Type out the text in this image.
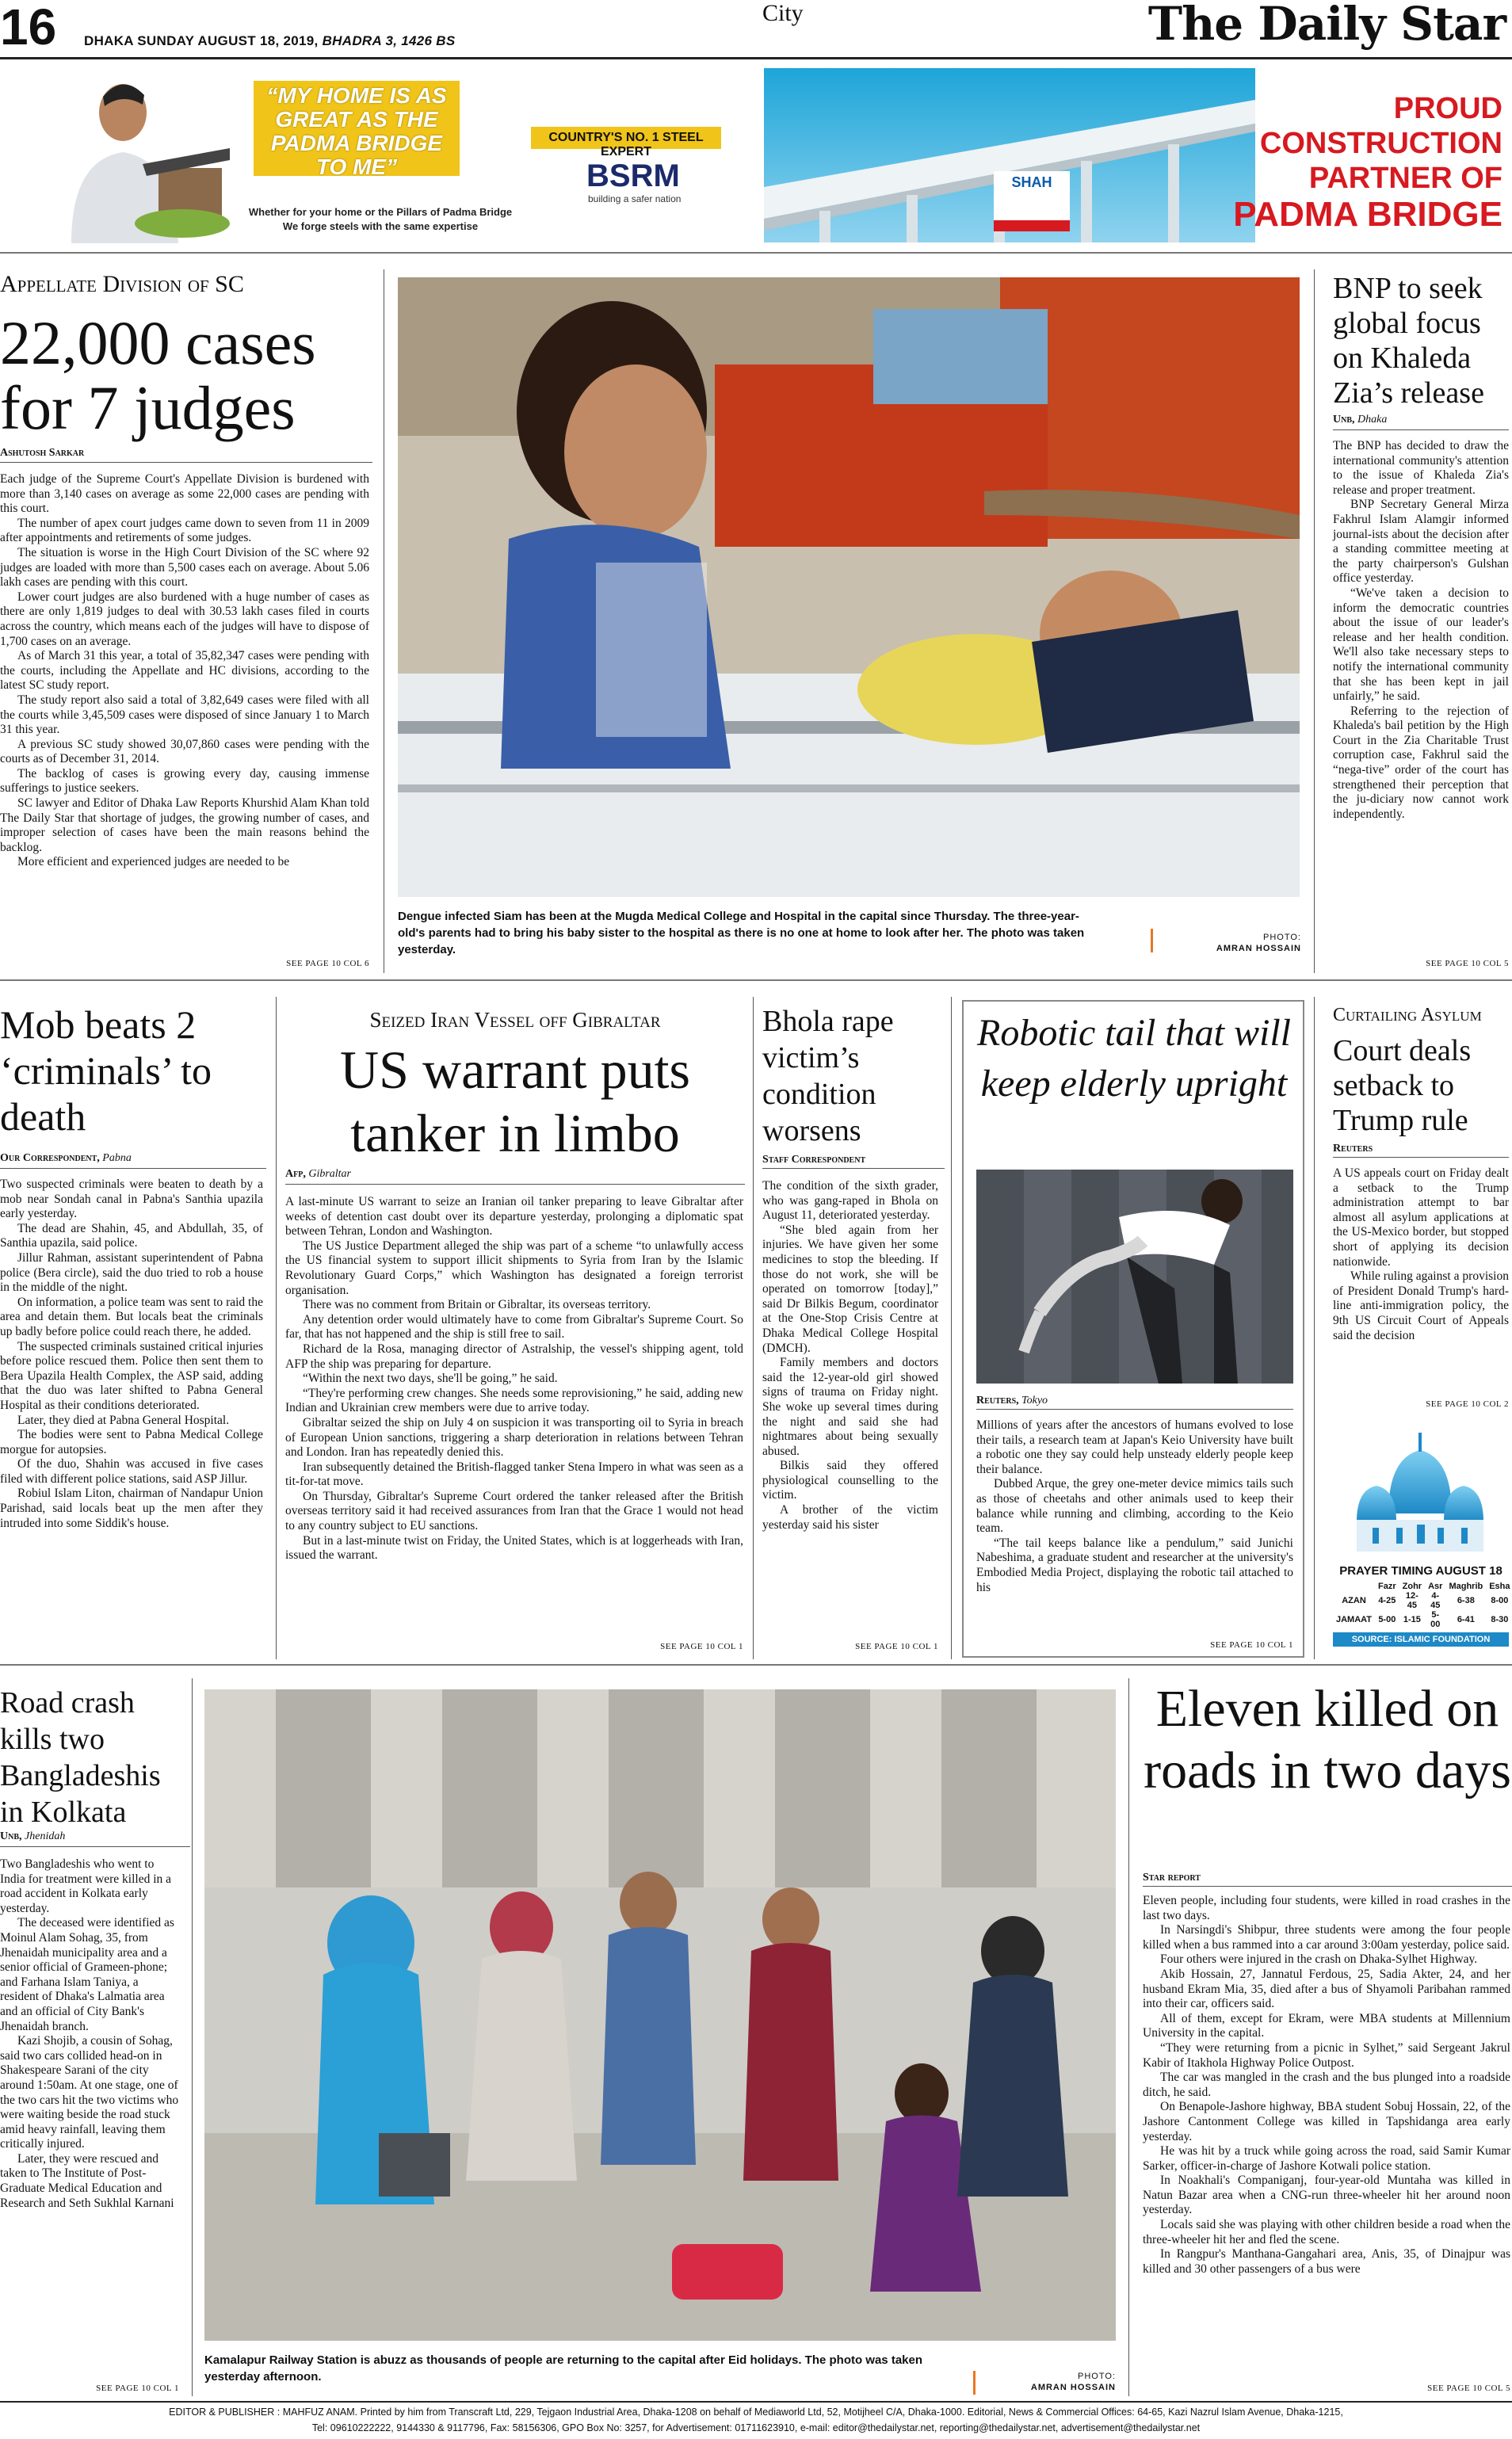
16 DHAKA SUNDAY AUGUST 18, 2019, BHADRA 3, 1426 BS
City	The Daily Star
“MY HOME IS AS GREAT AS THE PADMA BRIDGE TO ME”
COUNTRY'S NO. 1 STEEL EXPERT
BSRM
building a safer nation
Whether for your home or the Pillars of Padma Bridge
We forge steels with the same expertise
SHAH
CEMENT
PROUD
CONSTRUCTION
PARTNER OF
PADMA BRIDGE
Appellate Division of SC
22,000 cases for 7 judges
Ashutosh Sarkar

Each judge of the Supreme Court's Appellate Division is burdened with more than 3,140 cases on average as some 22,000 cases are pending with this court.

The number of apex court judges came down to seven from 11 in 2009 after appointments and retirements of some judges.

The situation is worse in the High Court Division of the SC where 92 judges are loaded with more than 5,500 cases each on average. About 5.06 lakh cases are pending with this court.

Lower court judges are also burdened with a huge number of cases as there are only 1,819 judges to deal with 30.53 lakh cases filed in courts across the country, which means each of the judges will have to dispose of 1,700 cases on an average.

As of March 31 this year, a total of 35,82,347 cases were pending with the courts, including the Appellate and HC divisions, according to the latest SC study report.

The study report also said a total of 3,82,649 cases were filed with all the courts while 3,45,509 cases were disposed of since January 1 to March 31 this year.

A previous SC study showed 30,07,860 cases were pending with the courts as of December 31, 2014.

The backlog of cases is growing every day, causing immense sufferings to justice seekers.

SC lawyer and Editor of Dhaka Law Reports Khurshid Alam Khan told The Daily Star that shortage of judges, the growing number of cases, and improper selection of cases have been the main reasons behind the backlog.

More efficient and experienced judges are needed to be

SEE PAGE 10 COL 6
Dengue infected Siam has been at the Mugda Medical College and Hospital in the capital since Thursday. The three-year-old's parents had to bring his baby sister to the hospital as there is no one at home to look after her. The photo was taken yesterday.
PHOTO:
AMRAN HOSSAIN
BNP to seek global focus on Khaleda Zia’s release
Unb, Dhaka

The BNP has decided to draw the international community's attention to the issue of Khaleda Zia's release and proper treatment.

BNP Secretary General Mirza Fakhrul Islam Alamgir informed journal-ists about the decision after a standing committee meeting at the party chairperson's Gulshan office yesterday.

“We've taken a decision to inform the democratic countries about the issue of our leader's release and her health condition. We'll also take necessary steps to notify the international community that she has been kept in jail unfairly,” he said.

Referring to the rejection of Khaleda's bail petition by the High Court in the Zia Charitable Trust corruption case, Fakhrul said the “nega-tive” order of the court has strengthened their perception that the ju-diciary now cannot work independently.

SEE PAGE 10 COL 5
Mob beats 2 ‘criminals’ to death
Our Correspondent, Pabna

Two suspected criminals were beaten to death by a mob near Sondah canal in Pabna's Santhia upazila early yesterday.

The dead are Shahin, 45, and Abdullah, 35, of Santhia upazila, said police.

Jillur Rahman, assistant superintendent of Pabna police (Bera circle), said the duo tried to rob a house in the middle of the night.

On information, a police team was sent to raid the area and detain them. But locals beat the criminals up badly before police could reach there, he added.

The suspected criminals sustained critical injuries before police rescued them. Police then sent them to Bera Upazila Health Complex, the ASP said, adding that the duo was later shifted to Pabna General Hospital as their conditions deteriorated.

Later, they died at Pabna General Hospital.

The bodies were sent to Pabna Medical College morgue for autopsies.

Of the duo, Shahin was accused in five cases filed with different police stations, said ASP Jillur.

Robiul Islam Liton, chairman of Nandapur Union Parishad, said locals beat up the men after they intruded into some Siddik's house.

Seized Iran Vessel off Gibraltar
US warrant puts tanker in limbo
Afp, Gibraltar

A last-minute US warrant to seize an Iranian oil tanker preparing to leave Gibraltar after weeks of detention cast doubt over its departure yesterday, prolonging a diplomatic spat between Tehran, London and Washington.

The US Justice Department alleged the ship was part of a scheme “to unlawfully access the US financial system to support illicit shipments to Syria from Iran by the Islamic Revolutionary Guard Corps,” which Washington has designated a foreign terrorist organisation.

There was no comment from Britain or Gibraltar, its overseas territory.

Any detention order would ultimately have to come from Gibraltar's Supreme Court. So far, that has not happened and the ship is still free to sail.

Richard de la Rosa, managing director of Astralship, the vessel's shipping agent, told AFP the ship was preparing for departure.

“Within the next two days, she'll be going,” he said.

“They're performing crew changes. She needs some reprovisioning,” he said, adding new Indian and Ukrainian crew members were due to arrive today.

Gibraltar seized the ship on July 4 on suspicion it was transporting oil to Syria in breach of European Union sanctions, triggering a sharp deterioration in relations between Tehran and London. Iran has repeatedly denied this.

Iran subsequently detained the British-flagged tanker Stena Impero in what was seen as a tit-for-tat move.

On Thursday, Gibraltar's Supreme Court ordered the tanker released after the British overseas territory said it had received assurances from Iran that the Grace 1 would not head to any country subject to EU sanctions.

But in a last-minute twist on Friday, the United States, which is at loggerheads with Iran, issued the warrant.

SEE PAGE 10 COL 1
Bhola rape victim’s condition worsens
Staff Correspondent

The condition of the sixth grader, who was gang-raped in Bhola on August 11, deteriorated yesterday.

“She bled again from her injuries. We have given her some medicines to stop the bleeding. If those do not work, she will be operated on tomorrow [today],” said Dr Bilkis Begum, coordinator at the One-Stop Crisis Centre at Dhaka Medical College Hospital (DMCH).

Family members and doctors said the 12-year-old girl showed signs of trauma on Friday night. She woke up several times during the night and said she had nightmares about being sexually abused.

Bilkis said they offered physiological counselling to the victim.

A brother of the victim yesterday said his sister

SEE PAGE 10 COL 1
Robotic tail that will keep elderly upright
Reuters, Tokyo

Millions of years after the ancestors of humans evolved to lose their tails, a research team at Japan's Keio University have built a robotic one they say could help unsteady elderly people keep their balance.

Dubbed Arque, the grey one-meter device mimics tails such as those of cheetahs and other animals used to keep their balance while running and climbing, according to the Keio team.

“The tail keeps balance like a pendulum,” said Junichi Nabeshima, a graduate student and researcher at the university's Embodied Media Project, displaying the robotic tail attached to his

SEE PAGE 10 COL 1
Curtailing Asylum
Court deals setback to Trump rule
Reuters

A US appeals court on Friday dealt a setback to the Trump administration attempt to bar almost all asylum applications at the US-Mexico border, but stopped short of applying its decision nationwide.

While ruling against a provision of President Donald Trump's hard-line anti-immigration policy, the 9th US Circuit Court of Appeals said the decision

SEE PAGE 10 COL 2
PRAYER TIMING AUGUST 18
	Fazr	Zohr	Asr	Maghrib	Esha
AZAN	4-25	12-45	4-45	6-38	8-00
JAMAAT	5-00	1-15	5-00	6-41	8-30
SOURCE: ISLAMIC FOUNDATION
Road crash kills two Bangladeshis in Kolkata
Unb, Jhenidah

Two Bangladeshis who went to India for treatment were killed in a road accident in Kolkata early yesterday.

The deceased were identified as Moinul Alam Sohag, 35, from Jhenaidah municipality area and a senior official of Grameen-phone; and Farhana Islam Taniya, a resident of Dhaka's Lalmatia area and an official of City Bank's Jhenaidah branch.

Kazi Shojib, a cousin of Sohag, said two cars collided head-on in Shakespeare Sarani of the city around 1:50am. At one stage, one of the two cars hit the two victims who were waiting beside the road stuck amid heavy rainfall, leaving them critically injured.

Later, they were rescued and taken to The Institute of Post-Graduate Medical Education and Research and Seth Sukhlal Karnani

SEE PAGE 10 COL 1
Kamalapur Railway Station is abuzz as thousands of people are returning to the capital after Eid holidays. The photo was taken yesterday afternoon.	PHOTO:
AMRAN HOSSAIN
Eleven killed on roads in two days
Star report

Eleven people, including four students, were killed in road crashes in the last two days.

In Narsingdi's Shibpur, three students were among the four people killed when a bus rammed into a car around 3:00am yesterday, police said.

Four others were injured in the crash on Dhaka-Sylhet Highway.

Akib Hossain, 27, Jannatul Ferdous, 25, Sadia Akter, 24, and her husband Ekram Mia, 35, died after a bus of Shyamoli Paribahan rammed into their car, officers said.

All of them, except for Ekram, were MBA students at Millennium University in the capital.

“They were returning from a picnic in Sylhet,” said Sergeant Jakrul Kabir of Itakhola Highway Police Outpost.

The car was mangled in the crash and the bus plunged into a roadside ditch, he said.

On Benapole-Jashore highway, BBA student Sobuj Hossain, 22, of the Jashore Cantonment College was killed in Tapshidanga area early yesterday.

He was hit by a truck while going across the road, said Samir Kumar Sarker, officer-in-charge of Jashore Kotwali police station.

In Noakhali's Companiganj, four-year-old Muntaha was killed in Natun Bazar area when a CNG-run three-wheeler hit her around noon yesterday.

Locals said she was playing with other children beside a road when the three-wheeler hit her and fled the scene.

In Rangpur's Manthana-Gangahari area, Anis, 35, of Dinajpur was killed and 30 other passengers of a bus were

SEE PAGE 10 COL 5
EDITOR & PUBLISHER : MAHFUZ ANAM. Printed by him from Transcraft Ltd, 229, Tejgaon Industrial Area, Dhaka-1208 on behalf of Mediaworld Ltd, 52, Motijheel C/A, Dhaka-1000. Editorial, News & Commercial Offices: 64-65, Kazi Nazrul Islam Avenue, Dhaka-1215,
Tel: 09610222222, 9144330 & 9117796, Fax: 58156306, GPO Box No: 3257, for Advertisement: 01711623910, e-mail: editor@thedailystar.net, reporting@thedailystar.net, advertisement@thedailystar.net
